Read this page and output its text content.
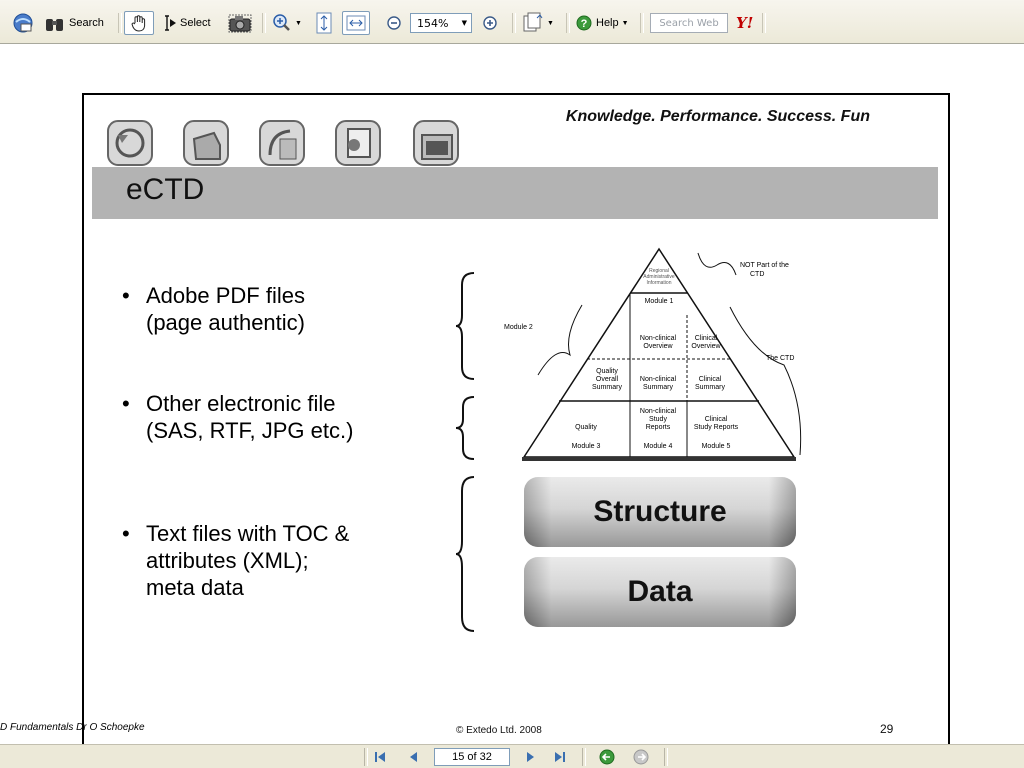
Search	Select	▼	154% ▼	▼ ? Help ▼	Search Web Y!
Knowledge. Performance. Success. Fun
eCTD
• Adobe PDF files
(page authentic)
• Other electronic file
(SAS, RTF, JPG etc.)
• Text files with TOC &
attributes (XML);
meta data
NOT Part of the
CTD
The CTD
Module 2
Regional
Administrative
Information
Module 1
Non-clinical
Overview
Clinical
Overview
Quality
Overall
Summary
Non-clinical
Summary
Clinical
Summary
Quality
Module 3
Non-clinical
Study
Reports
Module 4
Clinical
Study Reports
Module 5
Structure
Data
© Extedo Ltd. 2008	29
D Fundamentals Dr O Schoepke
15 of 32
